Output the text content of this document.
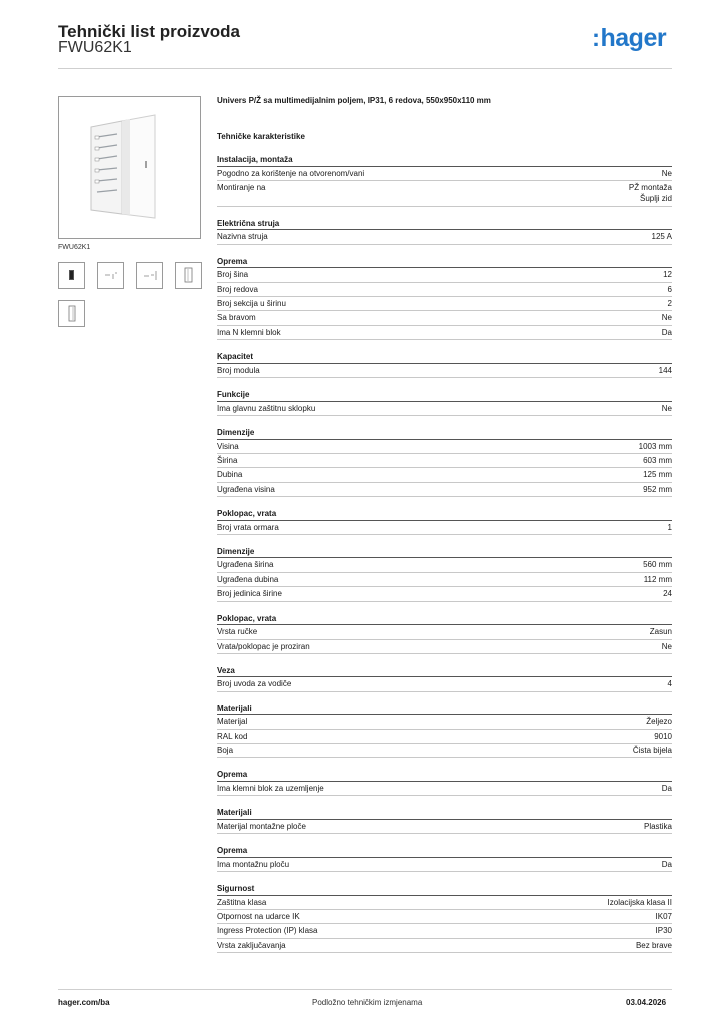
Tehnički list proizvoda
FWU62K1	:hager
FWU62K1
Univers P/Ž sa multimedijalnim poljem, IP31, 6 redova, 550x950x110 mm
Tehničke karakteristike
Instalacija, montaža
Pogodno za korištenje na otvorenom/vani	Ne
Montiranje na	PŽ montaža
Šuplji zid
Električna struja
Nazivna struja	125 A
Oprema
Broj šina	12
Broj redova	6
Broj sekcija u širinu	2
Sa bravom	Ne
Ima N klemni blok	Da
Kapacitet
Broj modula	144
Funkcije
Ima glavnu zaštitnu sklopku	Ne
Dimenzije
Visina	1003 mm
Širina	603 mm
Dubina	125 mm
Ugrađena visina	952 mm
Poklopac, vrata
Broj vrata ormara	1
Dimenzije
Ugrađena širina	560 mm
Ugrađena dubina	112 mm
Broj jedinica širine	24
Poklopac, vrata
Vrsta ručke	Zasun
Vrata/poklopac je proziran	Ne
Veza
Broj uvoda za vodiče	4
Materijali
Materijal	Željezo
RAL kod	9010
Boja	Čista bijela
Oprema
Ima klemni blok za uzemljenje	Da
Materijali
Materijal montažne ploče	Plastika
Oprema
Ima montažnu ploču	Da
Sigurnost
Zaštitna klasa	Izolacijska klasa II
Otpornost na udarce IK	IK07
Ingress Protection (IP) klasa	IP30
Vrsta zaključavanja	Bez brave
hager.com/ba	Podložno tehničkim izmjenama	03.04.2026
